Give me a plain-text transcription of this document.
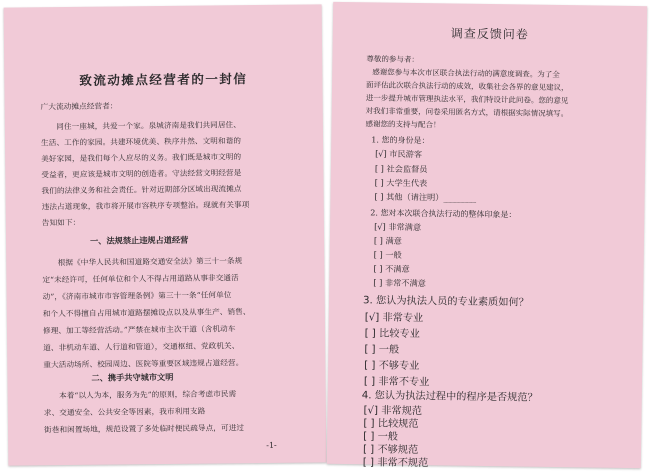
致流动摊点经营者的一封信
广大流动摊点经营者：
　　同住一座城，共爱一个家。泉城济南是我们共同居住、
生活、工作的家园。共建环境优美、秩序井然、文明和谐的
美好家园，是我们每个人应尽的义务。我们既是城市文明的
受益者，更应该是城市文明的创造者。守法经营文明经营是
我们的法律义务和社会责任。针对近期部分区域出现流摊点
违法占道现象，我市将开展市容秩序专项整治。现就有关事项
告知如下：
一、法规禁止违规占道经营
　　根据《中华人民共和国道路交通安全法》第三十一条规
定“未经许可，任何单位和个人不得占用道路从事非交通活
动”，《济南市城市市容管理条例》第三十一条“任何单位
和个人不得擅自占用城市道路摆摊设点以及从事生产、销售、
修理、加工等经营活动。”严禁在城市主次干道（含机动车
道、非机动车道、人行道和管道），交通枢纽、党政机关、
重大活动场所、校园周边、医院等重要区域违规占道经营。
二、携手共守城市文明
　　本着“以人为本，服务为先”的原则，综合考虑市民需
求、交通安全、公共安全等因素，我市利用支路
街巷和闲置场地，规范设置了多处临时便民疏导点，可进过
-1-
调查反馈问卷
尊敬的参与者：
感谢您参与本次市区联合执法行动的满意度调查。为了全
面评估此次联合执法行动的成效，收集社会各界的意见建议，
进一步提升城市管理执法水平，我们特设计此问卷。您的意见
对我们非常重要，问卷采用匿名方式，请根据实际情况填写。
感谢您的支持与配合！
1. 您的身份是：
[√] 市民游客
[ ] 社会监督员
[ ] 大学生代表
[ ] 其他（请注明）________
2. 您对本次联合执法行动的整体印象是：
[√] 非常满意
[ ] 满意
[ ] 一般
[ ] 不满意
[ ] 非常不满意
3. 您认为执法人员的专业素质如何？
[√] 非常专业
[ ] 比较专业
[ ] 一般
[ ] 不够专业
[ ] 非常不专业
4. 您认为执法过程中的程序是否规范？
[√] 非常规范
[ ] 比较规范
[ ] 一般
[ ] 不够规范
[ ] 非常不规范
